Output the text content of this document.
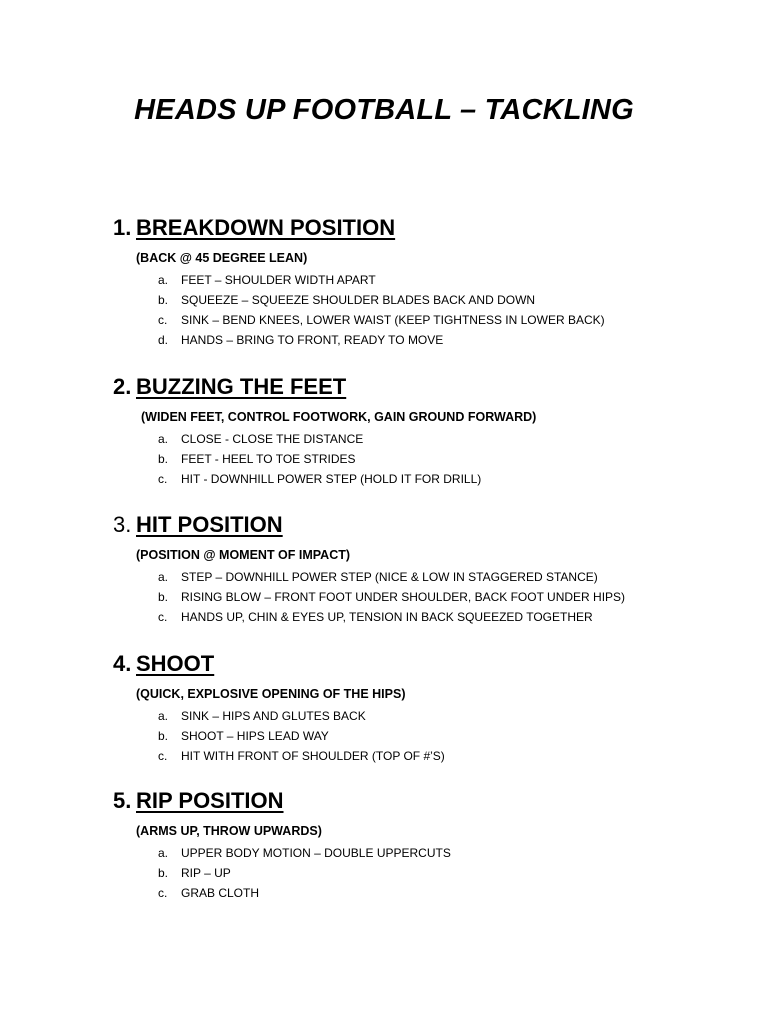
HEADS UP FOOTBALL – TACKLING
1. BREAKDOWN POSITION
(BACK @ 45 DEGREE LEAN)
a.	FEET – SHOULDER WIDTH APART
b.	SQUEEZE – SQUEEZE SHOULDER BLADES BACK AND DOWN
c.	SINK – BEND KNEES, LOWER WAIST (KEEP TIGHTNESS IN LOWER BACK)
d.	HANDS – BRING TO FRONT, READY TO MOVE
2. BUZZING THE FEET
(WIDEN FEET, CONTROL FOOTWORK, GAIN GROUND FORWARD)
a.	CLOSE - CLOSE THE DISTANCE
b.	FEET - HEEL TO TOE STRIDES
c.	HIT - DOWNHILL POWER STEP (HOLD IT FOR DRILL)
3. HIT POSITION
(POSITION @ MOMENT OF IMPACT)
a.	STEP – DOWNHILL POWER STEP (NICE & LOW IN STAGGERED STANCE)
b.	RISING BLOW – FRONT FOOT UNDER SHOULDER, BACK FOOT UNDER HIPS)
c.	HANDS UP, CHIN & EYES UP, TENSION IN BACK SQUEEZED TOGETHER
4. SHOOT
(QUICK, EXPLOSIVE OPENING OF THE HIPS)
a.	SINK – HIPS AND GLUTES BACK
b.	SHOOT – HIPS LEAD WAY
c.	HIT WITH FRONT OF SHOULDER (TOP OF #’S)
5. RIP POSITION
(ARMS UP, THROW UPWARDS)
a.	UPPER BODY MOTION – DOUBLE UPPERCUTS
b.	RIP – UP
c.	GRAB CLOTH
